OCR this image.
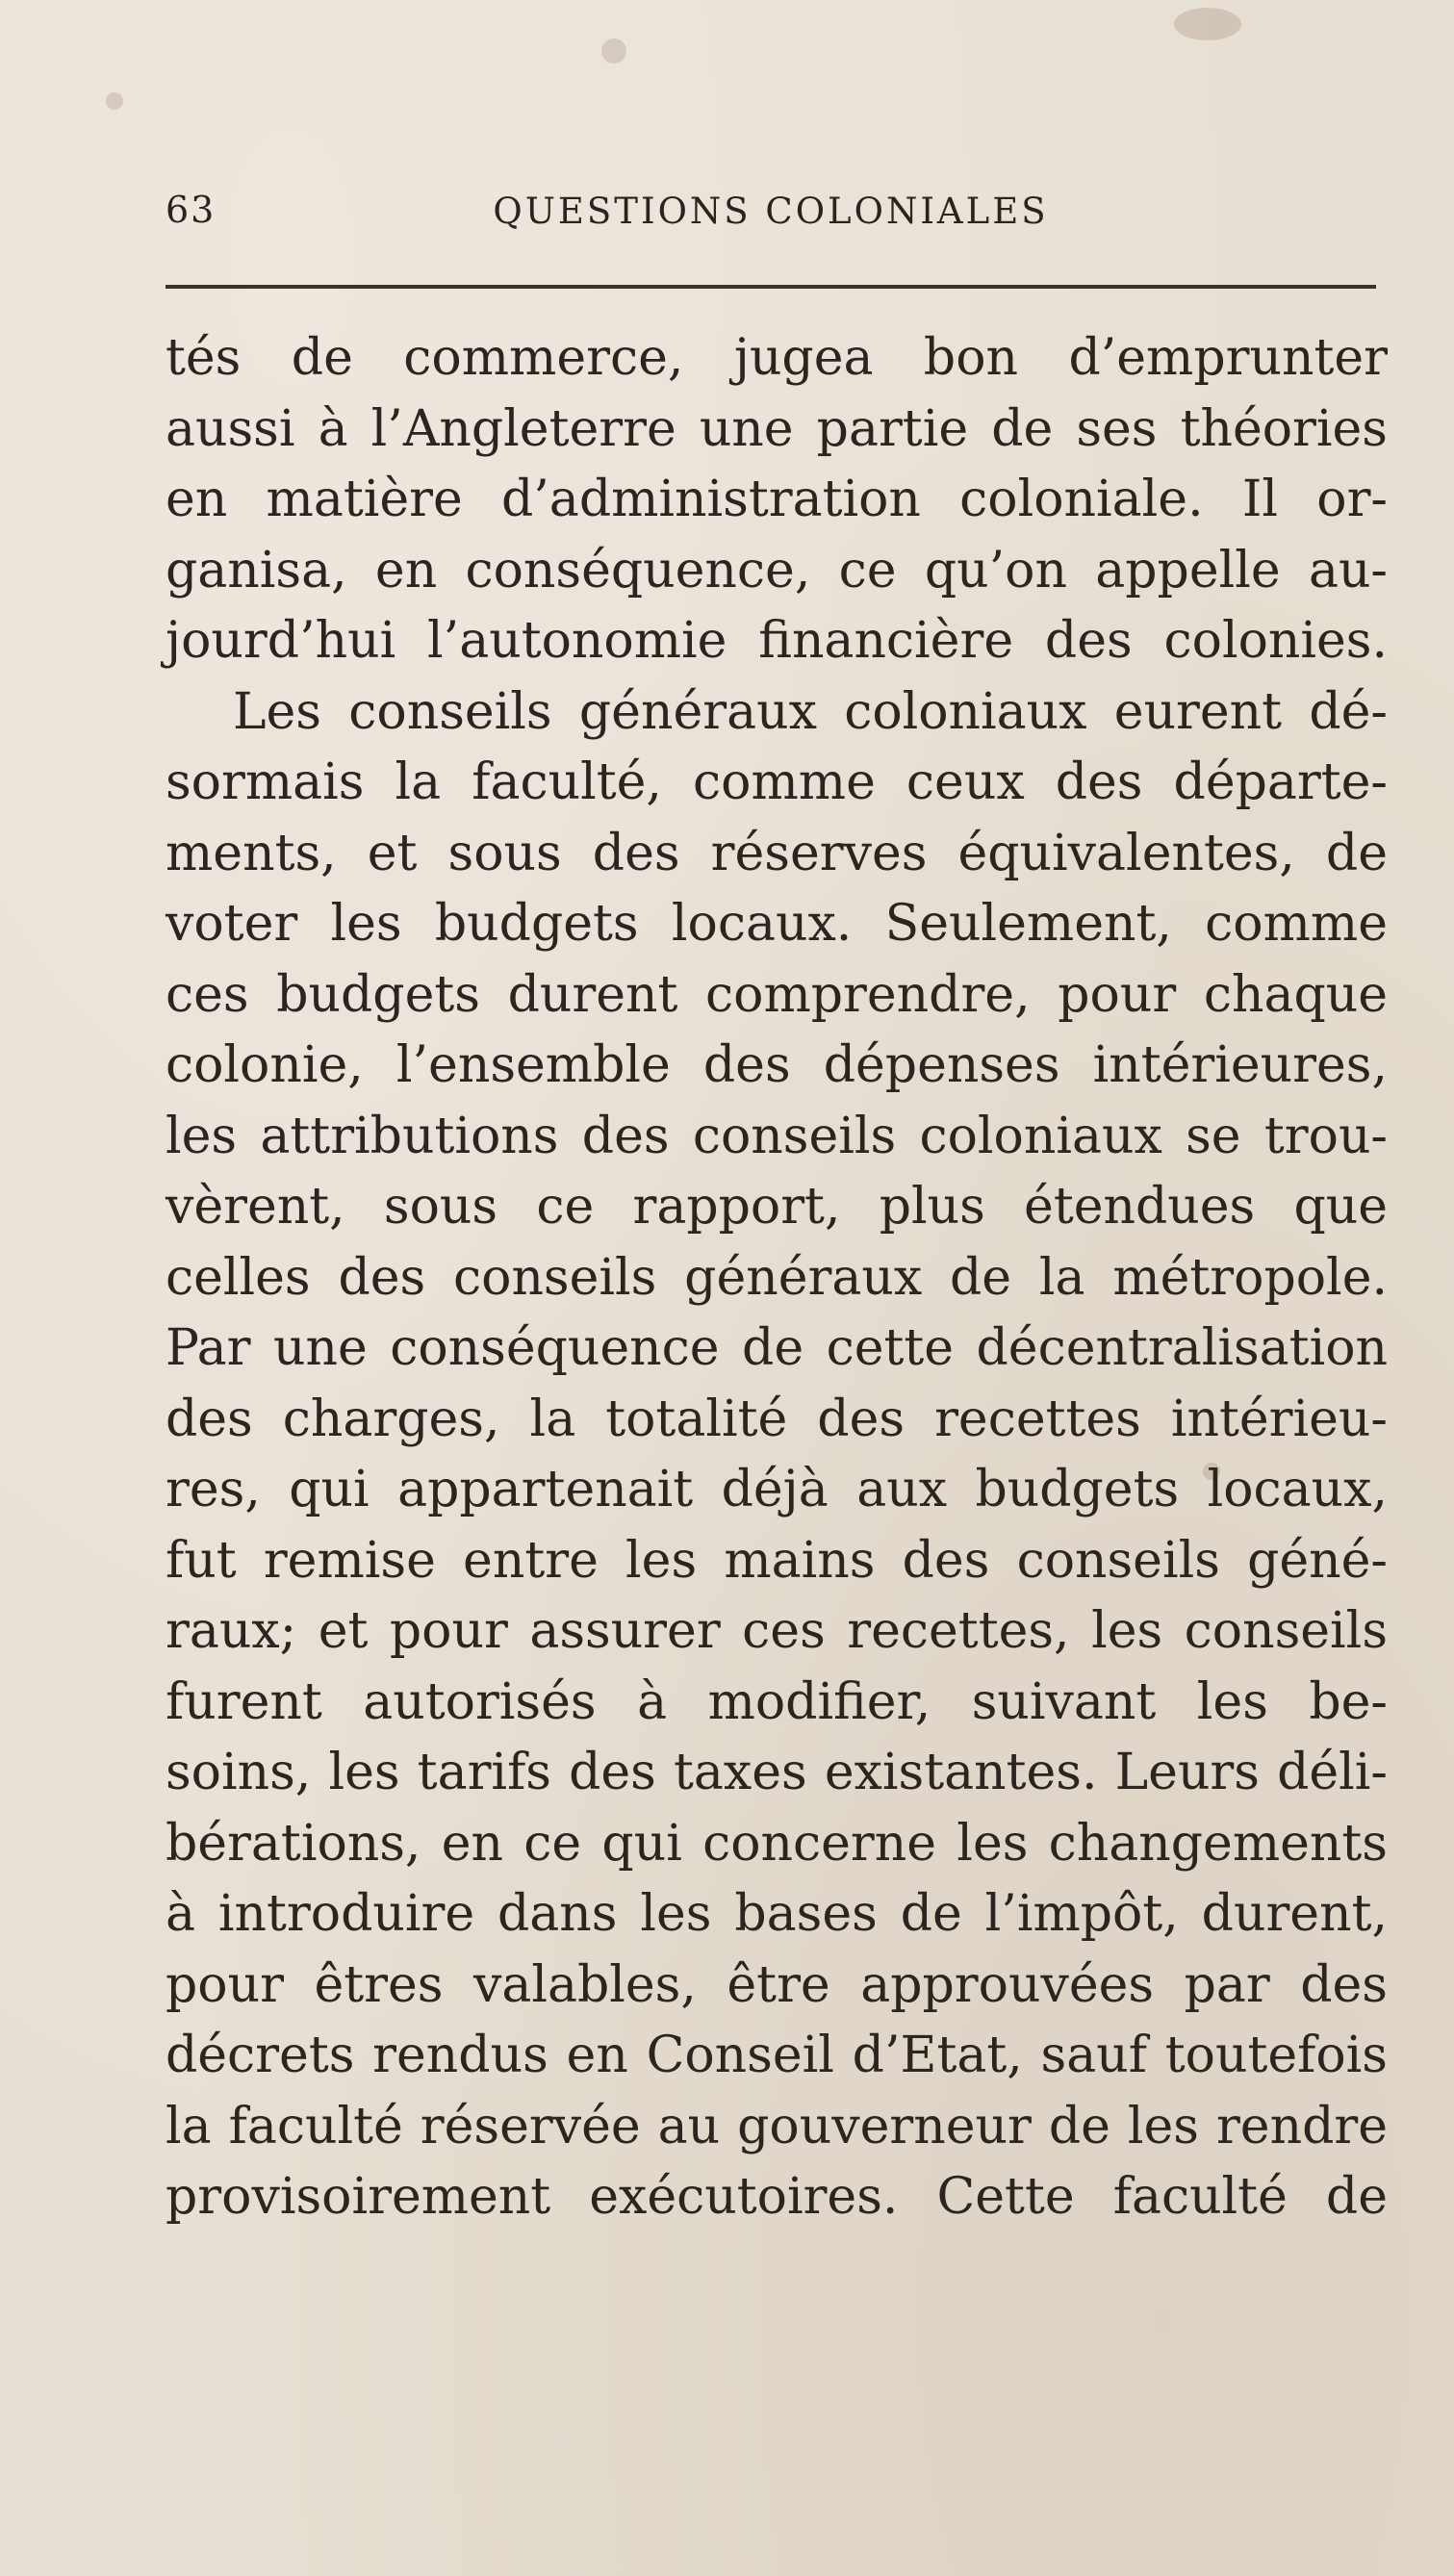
63	QUESTIONS COLONIALES
tés de commerce, jugea bon d’emprunter
aussi à l’Angleterre une partie de ses théories
en matière d’administration coloniale. Il or-
ganisa, en conséquence, ce qu’on appelle au-
jourd’hui l’autonomie financière des colonies.
Les conseils généraux coloniaux eurent dé-
sormais la faculté, comme ceux des départe-
ments, et sous des réserves équivalentes, de
voter les budgets locaux. Seulement, comme
ces budgets durent comprendre, pour chaque
colonie, l’ensemble des dépenses intérieures,
les attributions des conseils coloniaux se trou-
vèrent, sous ce rapport, plus étendues que
celles des conseils généraux de la métropole.
Par une conséquence de cette décentralisation
des charges, la totalité des recettes intérieu-
res, qui appartenait déjà aux budgets locaux,
fut remise entre les mains des conseils géné-
raux; et pour assurer ces recettes, les conseils
furent autorisés à modifier, suivant les be-
soins, les tarifs des taxes existantes. Leurs déli-
bérations, en ce qui concerne les changements
à introduire dans les bases de l’impôt, durent,
pour êtres valables, être approuvées par des
décrets rendus en Conseil d’Etat, sauf toutefois
la faculté réservée au gouverneur de les rendre
provisoirement exécutoires. Cette faculté de
